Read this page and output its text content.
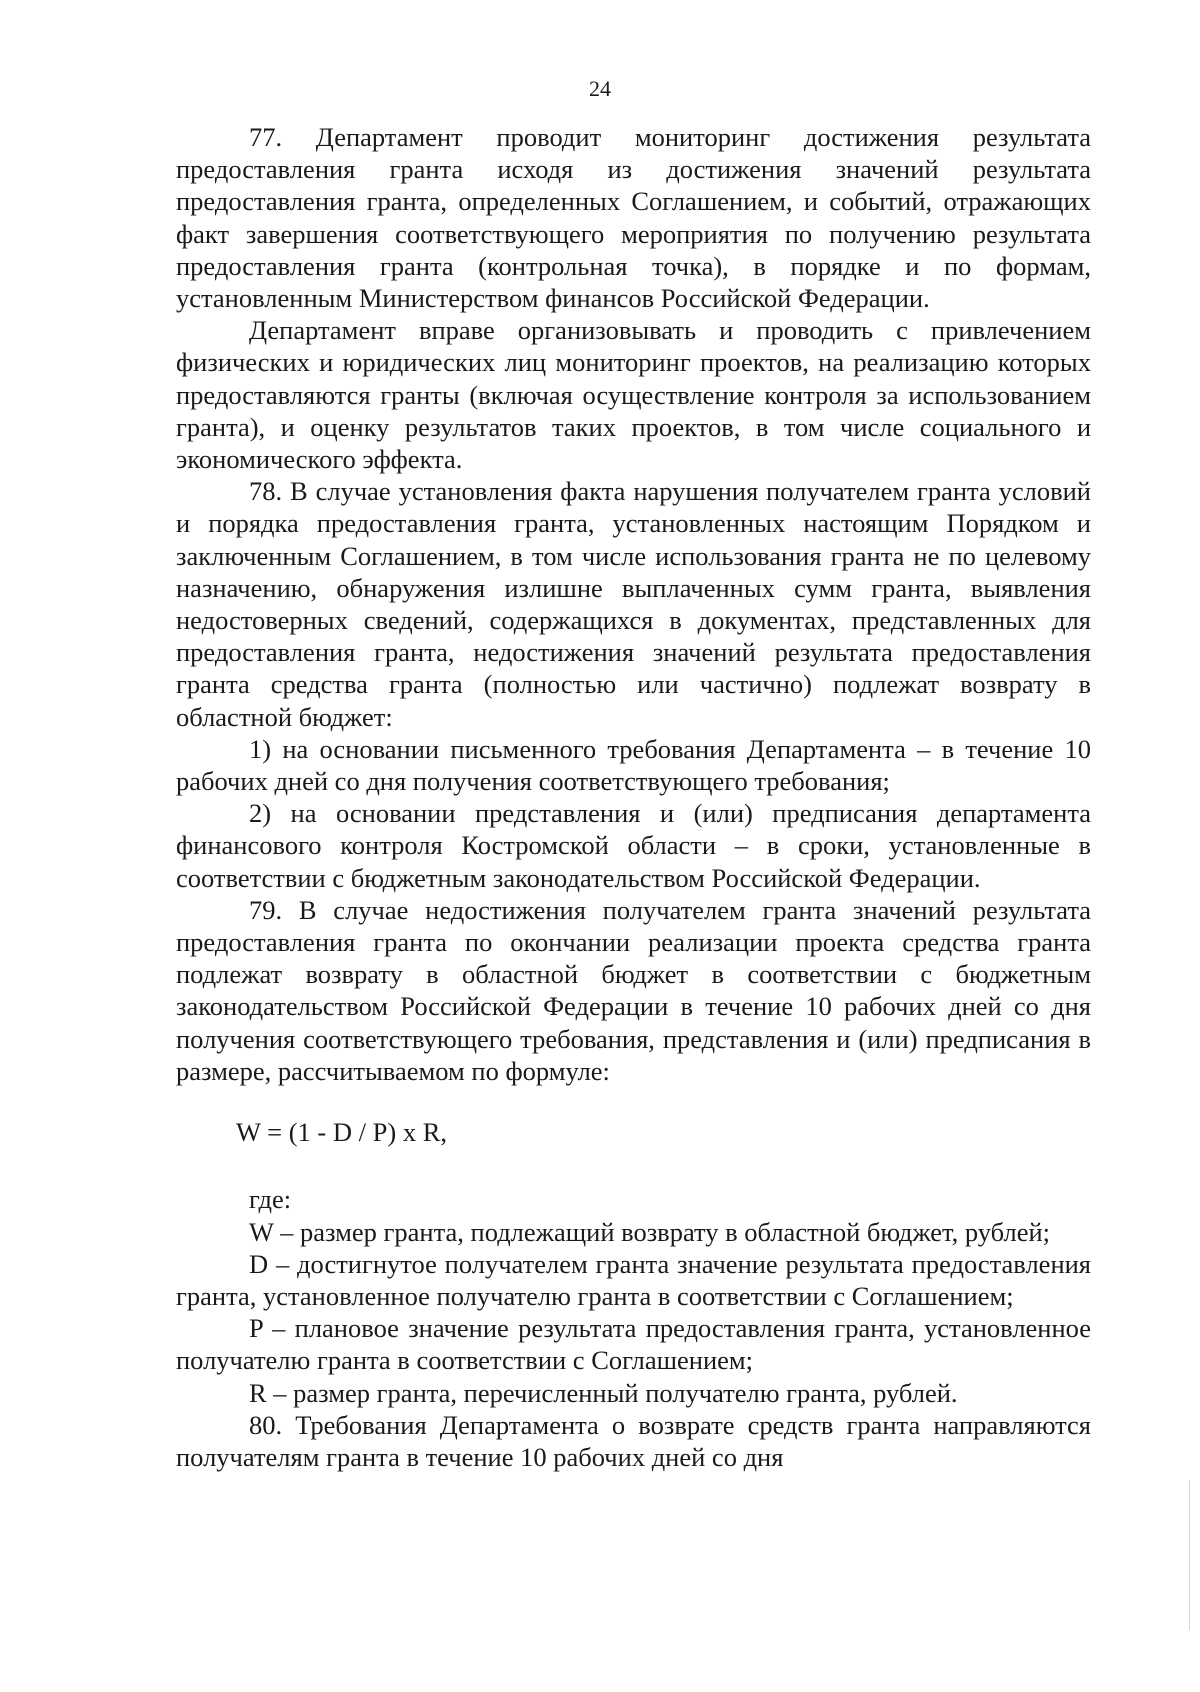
24

77. Департамент проводит мониторинг достижения результата предоставления гранта исходя из достижения значений результата предоставления гранта, определенных Соглашением, и событий, отражающих факт завершения соответствующего мероприятия по получению результата предоставления гранта (контрольная точка), в порядке и по формам, установленным Министерством финансов Российской Федерации.

Департамент вправе организовывать и проводить с привлечением физических и юридических лиц мониторинг проектов, на реализацию которых предоставляются гранты (включая осуществление контроля за использованием гранта), и оценку результатов таких проектов, в том числе социального и экономического эффекта.

78. В случае установления факта нарушения получателем гранта условий и порядка предоставления гранта, установленных настоящим Порядком и заключенным Соглашением, в том числе использования гранта не по целевому назначению, обнаружения излишне выплаченных сумм гранта, выявления недостоверных сведений, содержащихся в документах, представленных для предоставления гранта, недостижения значений результата предоставления гранта средства гранта (полностью или частично) подлежат возврату в областной бюджет:

1) на основании письменного требования Департамента – в течение 10 рабочих дней со дня получения соответствующего требования;

2) на основании представления и (или) предписания департамента финансового контроля Костромской области – в сроки, установленные в соответствии с бюджетным законодательством Российской Федерации.

79. В случае недостижения получателем гранта значений результата предоставления гранта по окончании реализации проекта средства гранта подлежат возврату в областной бюджет в соответствии с бюджетным законодательством Российской Федерации в течение 10 рабочих дней со дня получения соответствующего требования, представления и (или) предписания в размере, рассчитываемом по формуле:

W = (1 - D / P) x R,

где:

W – размер гранта, подлежащий возврату в областной бюджет, рублей;

D – достигнутое получателем гранта значение результата предоставления гранта, установленное получателю гранта в соответствии с Соглашением;

P – плановое значение результата предоставления гранта, установленное получателю гранта в соответствии с Соглашением;

R – размер гранта, перечисленный получателю гранта, рублей.

80. Требования Департамента о возврате средств гранта направляются получателям гранта в течение 10 рабочих дней со дня
